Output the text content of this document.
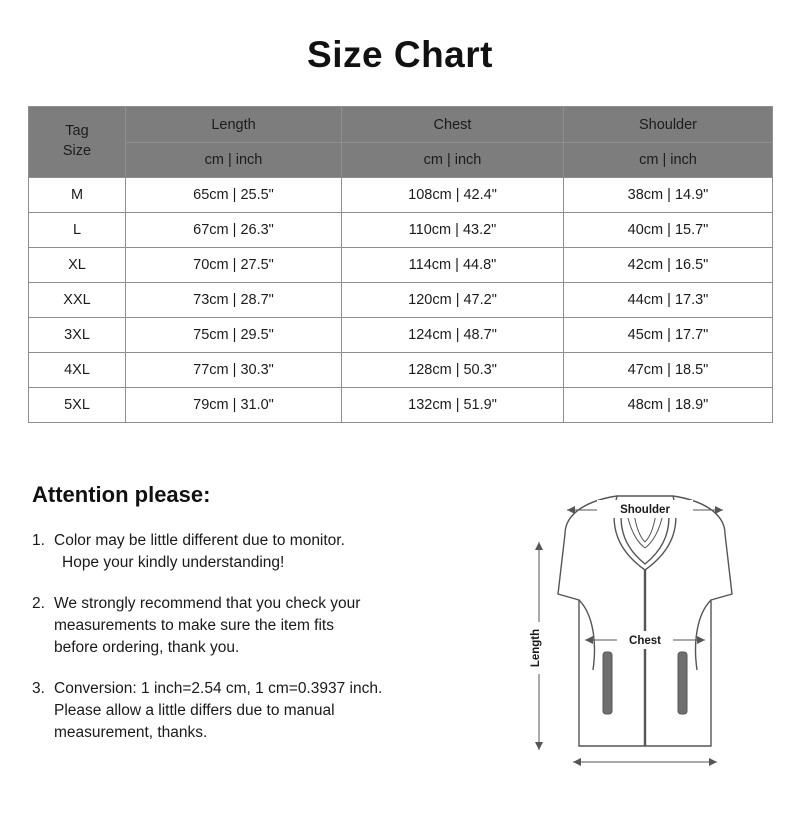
Size Chart
Tag
Size	Length	Chest	Shoulder
	cm | inch	cm | inch	cm | inch
M	65cm | 25.5"	108cm | 42.4"	38cm | 14.9"
L	67cm | 26.3"	110cm | 43.2"	40cm | 15.7"
XL	70cm | 27.5"	114cm | 44.8"	42cm | 16.5"
XXL	73cm | 28.7"	120cm | 47.2"	44cm | 17.3"
3XL	75cm | 29.5"	124cm | 48.7"	45cm | 17.7"
4XL	77cm | 30.3"	128cm | 50.3"	47cm | 18.5"
5XL	79cm | 31.0"	132cm | 51.9"	48cm | 18.9"
Attention please:
1. Color may be little different due to monitor.
Hope your kindly understanding!
2. We strongly recommend that you check your
measurements to make sure the item fits
before ordering, thank you.
3. Conversion: 1 inch=2.54 cm, 1 cm=0.3937 inch.
Please allow a little differs due to manual
measurement, thanks.
Shoulder
Chest
Length
